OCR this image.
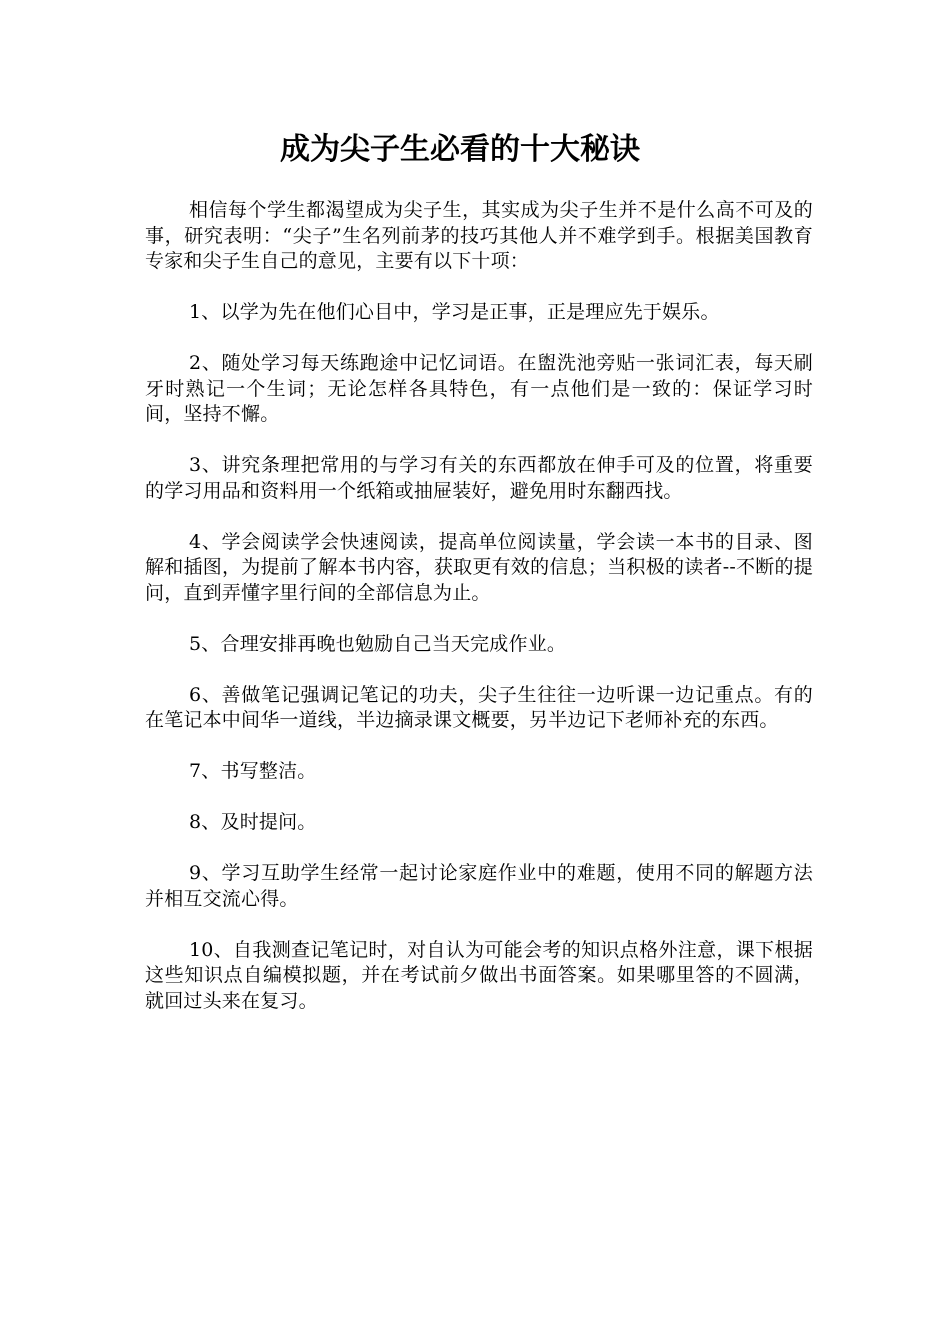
成为尖子生必看的十大秘诀

相信每个学生都渴望成为尖子生，其实成为尖子生并不是什么高不可及的事，研究表明：“尖子”生名列前茅的技巧其他人并不难学到手。根据美国教育专家和尖子生自己的意见，主要有以下十项：

1、以学为先在他们心目中，学习是正事，正是理应先于娱乐。

2、随处学习每天练跑途中记忆词语。在盥洗池旁贴一张词汇表，每天刷牙时熟记一个生词；无论怎样各具特色，有一点他们是一致的：保证学习时间，坚持不懈。

3、讲究条理把常用的与学习有关的东西都放在伸手可及的位置，将重要的学习用品和资料用一个纸箱或抽屉装好，避免用时东翻西找。

4、学会阅读学会快速阅读，提高单位阅读量，学会读一本书的目录、图解和插图，为提前了解本书内容，获取更有效的信息；当积极的读者--不断的提问，直到弄懂字里行间的全部信息为止。

5、合理安排再晚也勉励自己当天完成作业。

6、善做笔记强调记笔记的功夫，尖子生往往一边听课一边记重点。有的在笔记本中间华一道线，半边摘录课文概要，另半边记下老师补充的东西。

7、书写整洁。

8、及时提问。

9、学习互助学生经常一起讨论家庭作业中的难题，使用不同的解题方法并相互交流心得。

10、自我测查记笔记时，对自认为可能会考的知识点格外注意，课下根据这些知识点自编模拟题，并在考试前夕做出书面答案。如果哪里答的不圆满，就回过头来在复习。
